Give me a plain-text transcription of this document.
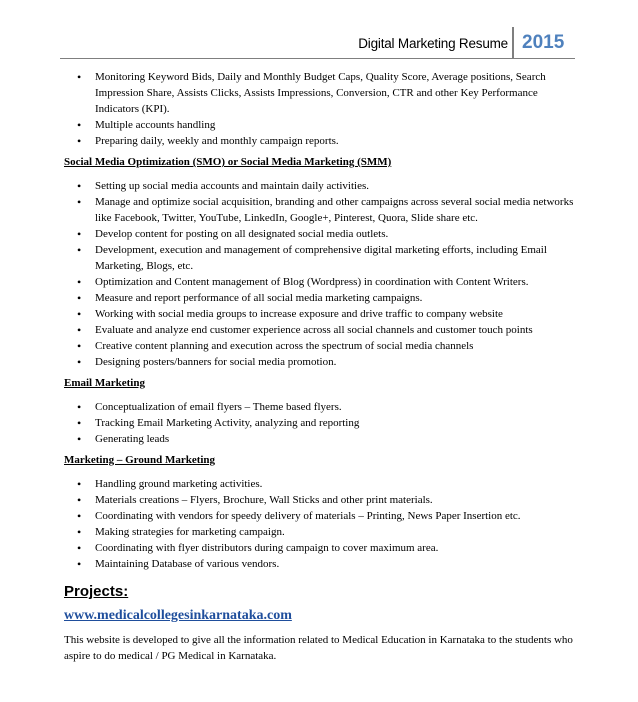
Digital Marketing Resume 2015
• Monitoring Keyword Bids, Daily and Monthly Budget Caps, Quality Score, Average positions, Search Impression Share, Assists Clicks, Assists Impressions, Conversion, CTR and other Key Performance Indicators (KPI).
• Multiple accounts handling
• Preparing daily, weekly and monthly campaign reports.
Social Media Optimization (SMO) or Social Media Marketing (SMM)
• Setting up social media accounts and maintain daily activities.
• Manage and optimize social acquisition, branding and other campaigns across several social media networks like Facebook, Twitter, YouTube, LinkedIn, Google+, Pinterest, Quora, Slide share etc.
• Develop content for posting on all designated social media outlets.
• Development, execution and management of comprehensive digital marketing efforts, including Email Marketing, Blogs, etc.
• Optimization and Content management of Blog (Wordpress) in coordination with Content Writers.
• Measure and report performance of all social media marketing campaigns.
• Working with social media groups to increase exposure and drive traffic to company website
• Evaluate and analyze end customer experience across all social channels and customer touch points
• Creative content planning and execution across the spectrum of social media channels
• Designing posters/banners for social media promotion.
Email Marketing
• Conceptualization of email flyers – Theme based flyers.
• Tracking Email Marketing Activity, analyzing and reporting
• Generating leads
Marketing – Ground Marketing
• Handling ground marketing activities.
• Materials creations – Flyers, Brochure, Wall Sticks and other print materials.
• Coordinating with vendors for speedy delivery of materials – Printing, News Paper Insertion etc.
• Making strategies for marketing campaign.
• Coordinating with flyer distributors during campaign to cover maximum area.
• Maintaining Database of various vendors.
Projects:
www.medicalcollegesinkarnataka.com
This website is developed to give all the information related to Medical Education in Karnataka to the students who aspire to do medical / PG Medical in Karnataka.
